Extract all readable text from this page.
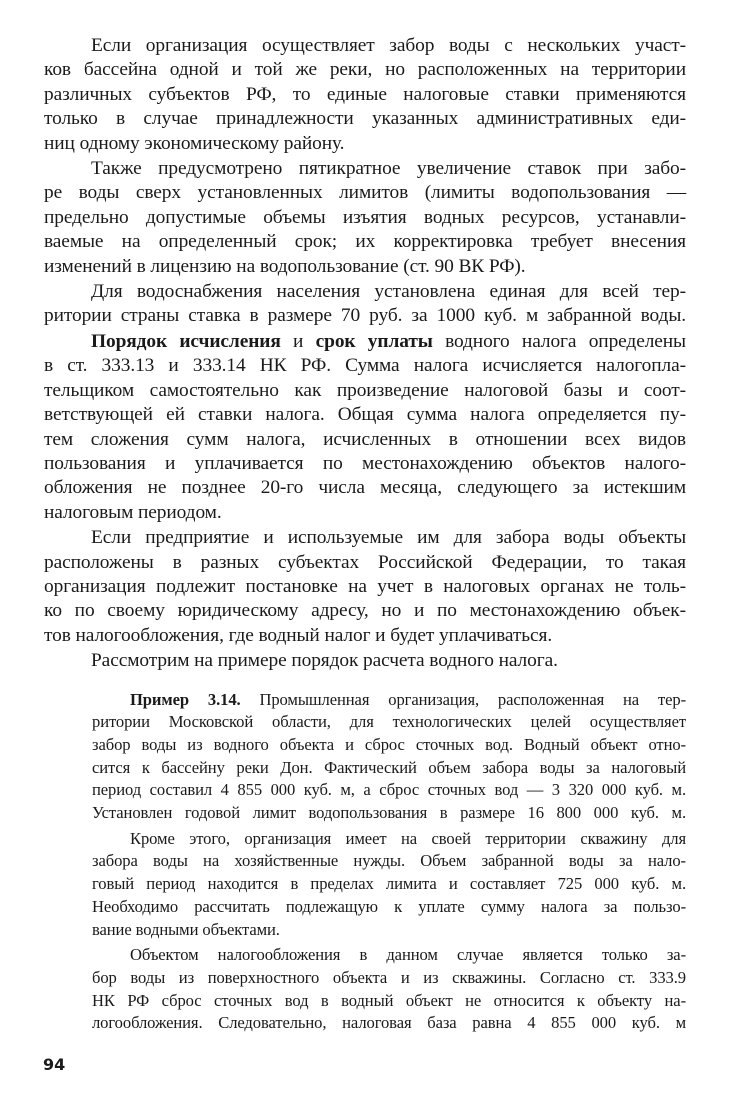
Если организация осуществляет забор воды с нескольких участ-
ков бассейна одной и той же реки, но расположенных на территории
различных субъектов РФ, то единые налоговые ставки применяются
только в случае принадлежности указанных административных еди-
ниц одному экономическому району.
Также предусмотрено пятикратное увеличение ставок при забо-
ре воды сверх установленных лимитов (лимиты водопользования —
предельно допустимые объемы изъятия водных ресурсов, устанавли-
ваемые на определенный срок; их корректировка требует внесения
изменений в лицензию на водопользование (ст. 90 ВК РФ).
Для водоснабжения населения установлена единая для всей тер-
ритории страны ставка в размере 70 руб. за 1000 куб. м забранной воды.
Порядок исчисления и срок уплаты водного налога определены
в ст. 333.13 и 333.14 НК РФ. Сумма налога исчисляется налогопла-
тельщиком самостоятельно как произведение налоговой базы и соот-
ветствующей ей ставки налога. Общая сумма налога определяется пу-
тем сложения сумм налога, исчисленных в отношении всех видов
пользования и уплачивается по местонахождению объектов налого-
обложения не позднее 20-го числа месяца, следующего за истекшим
налоговым периодом.
Если предприятие и используемые им для забора воды объекты
расположены в разных субъектах Российской Федерации, то такая
организация подлежит постановке на учет в налоговых органах не толь-
ко по своему юридическому адресу, но и по местонахождению объек-
тов налогообложения, где водный налог и будет уплачиваться.
Рассмотрим на примере порядок расчета водного налога.
Пример 3.14. Промышленная организация, расположенная на тер-
ритории Московской области, для технологических целей осуществляет
забор воды из водного объекта и сброс сточных вод. Водный объект отно-
сится к бассейну реки Дон. Фактический объем забора воды за налоговый
период составил 4 855 000 куб. м, а сброс сточных вод — 3 320 000 куб. м.
Установлен годовой лимит водопользования в размере 16 800 000 куб. м.
Кроме этого, организация имеет на своей территории скважину для
забора воды на хозяйственные нужды. Объем забранной воды за нало-
говый период находится в пределах лимита и составляет 725 000 куб. м.
Необходимо рассчитать подлежащую к уплате сумму налога за пользо-
вание водными объектами.
Объектом налогообложения в данном случае является только за-
бор воды из поверхностного объекта и из скважины. Согласно ст. 333.9
НК РФ сброс сточных вод в водный объект не относится к объекту на-
логообложения. Следовательно, налоговая база равна 4 855 000 куб. м
94
